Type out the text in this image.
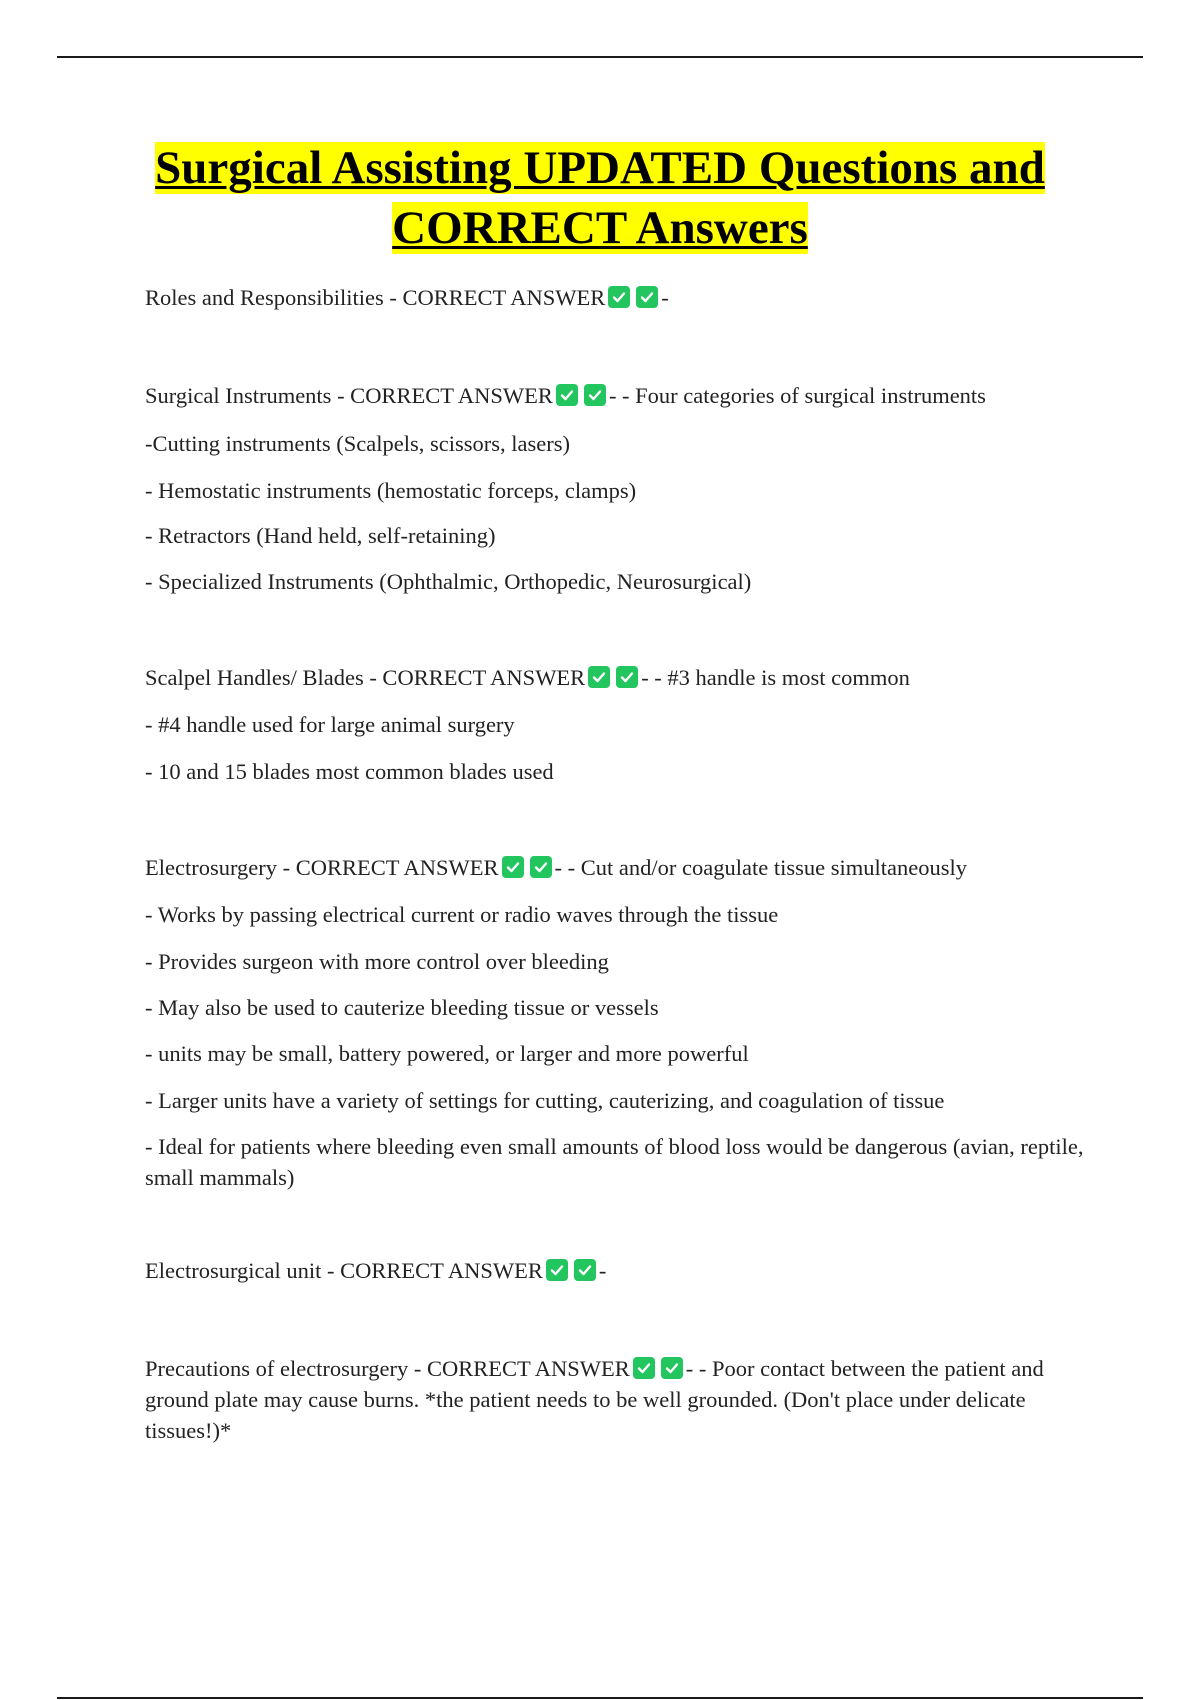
Surgical Assisting UPDATED Questions and
CORRECT Answers

Roles and Responsibilities - CORRECT ANSWER -

Surgical Instruments - CORRECT ANSWER - - Four categories of surgical instruments

-Cutting instruments (Scalpels, scissors, lasers)

- Hemostatic instruments (hemostatic forceps, clamps)

- Retractors (Hand held, self-retaining)

- Specialized Instruments (Ophthalmic, Orthopedic, Neurosurgical)

Scalpel Handles/ Blades - CORRECT ANSWER - - #3 handle is most common

- #4 handle used for large animal surgery

- 10 and 15 blades most common blades used

Electrosurgery - CORRECT ANSWER - - Cut and/or coagulate tissue simultaneously

- Works by passing electrical current or radio waves through the tissue

- Provides surgeon with more control over bleeding

- May also be used to cauterize bleeding tissue or vessels

- units may be small, battery powered, or larger and more powerful

- Larger units have a variety of settings for cutting, cauterizing, and coagulation of tissue

- Ideal for patients where bleeding even small amounts of blood loss would be dangerous (avian, reptile, small mammals)

Electrosurgical unit - CORRECT ANSWER -

Precautions of electrosurgery - CORRECT ANSWER - - Poor contact between the patient and ground plate may cause burns. *the patient needs to be well grounded. (Don't place under delicate tissues!)*
